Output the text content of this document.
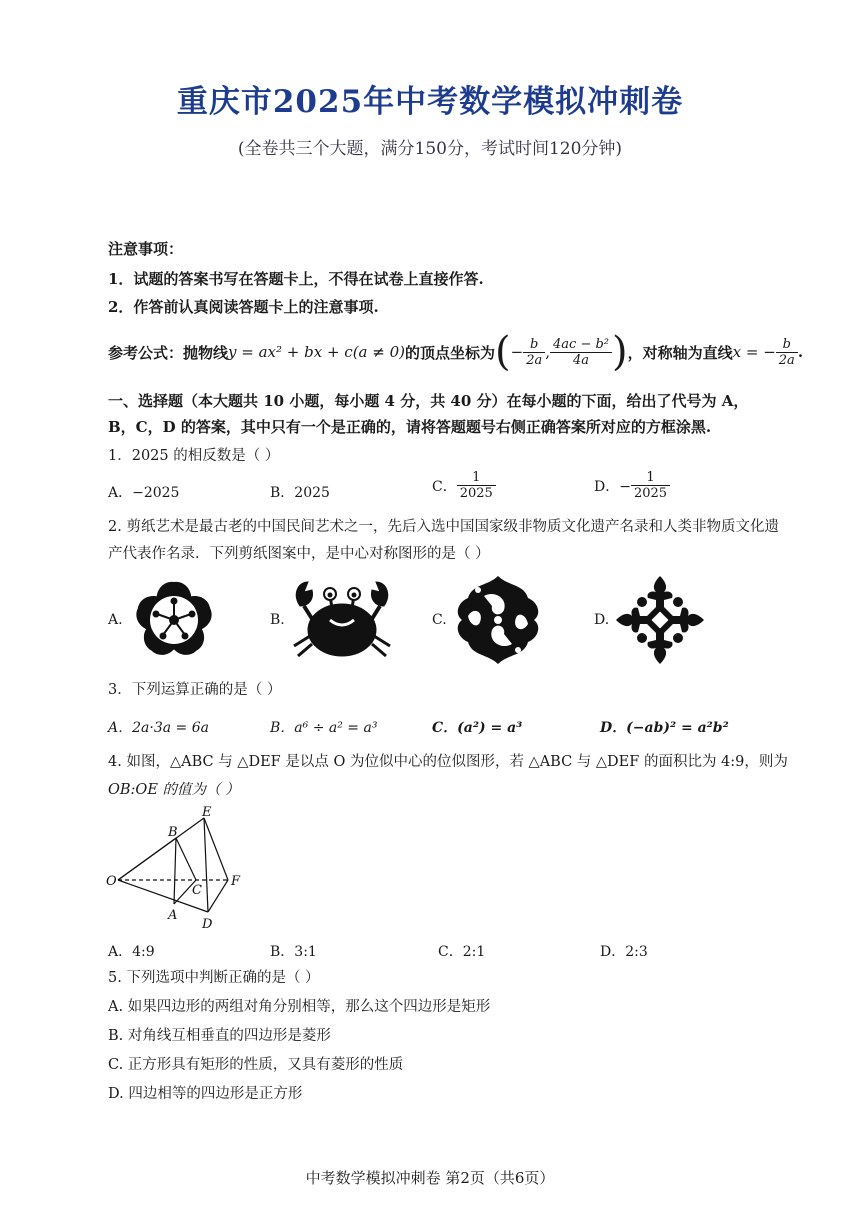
重庆市2025年中考数学模拟冲刺卷
(全卷共三个大题，满分150分，考试时间120分钟)
注意事项：
1．试题的答案书写在答题卡上，不得在试卷上直接作答.
2．作答前认真阅读答题卡上的注意事项.
参考公式： 抛物线 y = ax² + bx + c(a ≠ 0) 的顶点坐标为 ( − $\frac{b}{2a}$ , $\frac{\text{4ac − b²}}{4a}$ ) ，对称轴为直线 x = − $\frac{b}{2a}$ .
一、选择题（本大题共 10 小题，每小题 4 分，共 40 分）在每小题的下面，给出了代号为 A，
B，C，D 的答案，其中只有一个是正确的，请将答题题号右侧正确答案所对应的方框涂黑.
1．2025 的相反数是（ ）
A．−2025	B．2025	C． $\frac{1}{2025}$	D．− $\frac{1}{2025}$
2. 剪纸艺术是最古老的中国民间艺术之一，先后入选中国国家级非物质文化遗产名录和人类非物质文化遗
产代表作名录．下列剪纸图案中，是中心对称图形的是（ ）
A.	B.	C.	D.
3．下列运算正确的是（ ）
A．2a·3a = 6a	B．a⁶ ÷ a² = a³	C．(a²) = a³	D．(−ab)² = a²b²
4. 如图，△ABC 与 △DEF 是以点 O 为位似中心的位似图形，若 △ABC 与 △DEF 的面积比为 4:9，则为
OB:OE 的值为（ ）
E
B
O
C
F
A
D
A．4:9	B．3:1	C．2:1	D．2:3
5. 下列选项中判断正确的是（ ）
A. 如果四边形的两组对角分别相等，那么这个四边形是矩形
B. 对角线互相垂直的四边形是菱形
C. 正方形具有矩形的性质，又具有菱形的性质
D. 四边相等的四边形是正方形
中考数学模拟冲刺卷 第2页（共6页）
